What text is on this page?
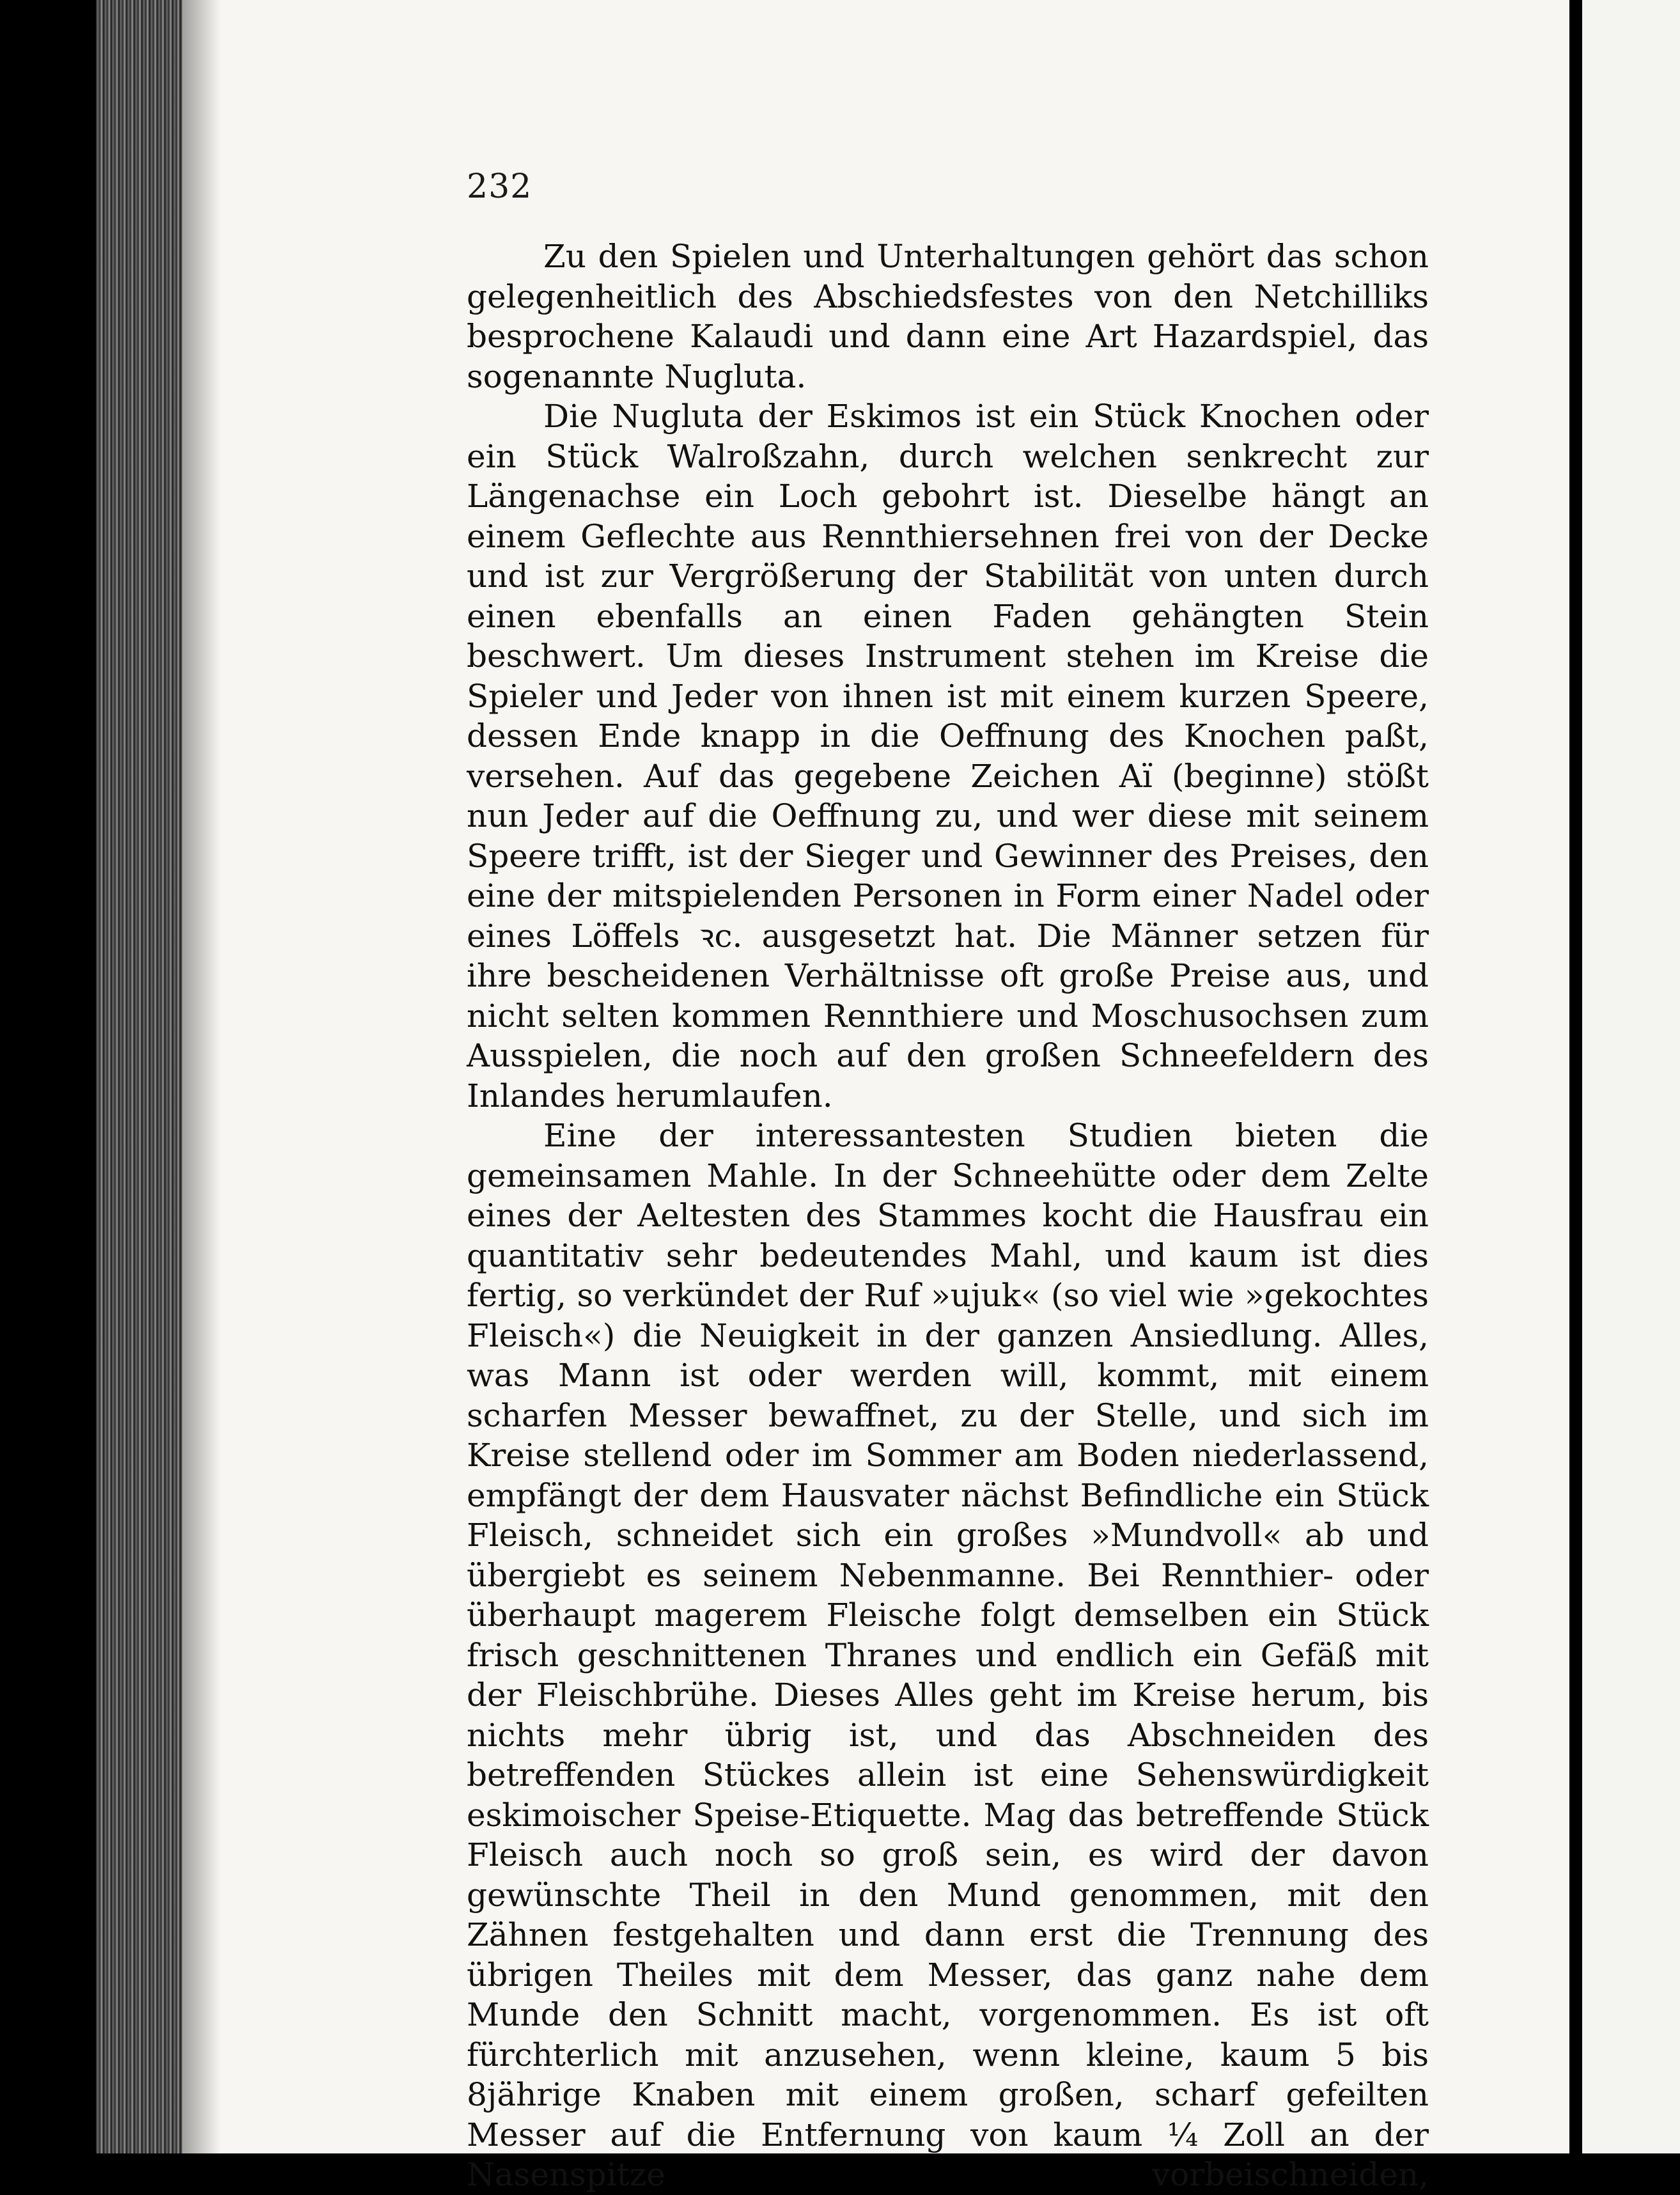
232

Zu den Spielen und Unterhaltungen gehört das schon gelegenheitlich des Abschiedsfestes von den Netchilliks besprochene Kalaudi und dann eine Art Hazardspiel, das sogenannte Nugluta.

Die Nugluta der Eskimos ist ein Stück Knochen oder ein Stück Walroßzahn, durch welchen senkrecht zur Längenachse ein Loch gebohrt ist. Dieselbe hängt an einem Geflechte aus Rennthiersehnen frei von der Decke und ist zur Vergrößerung der Stabilität von unten durch einen ebenfalls an einen Faden gehängten Stein beschwert. Um dieses Instrument stehen im Kreise die Spieler und Jeder von ihnen ist mit einem kurzen Speere, dessen Ende knapp in die Oeffnung des Knochen paßt, versehen. Auf das gegebene Zeichen Aï (beginne) stößt nun Jeder auf die Oeffnung zu, und wer diese mit seinem Speere trifft, ist der Sieger und Gewinner des Preises, den eine der mitspielenden Personen in Form einer Nadel oder eines Löffels ꝛc. ausgesetzt hat. Die Männer setzen für ihre bescheidenen Verhältnisse oft große Preise aus, und nicht selten kommen Rennthiere und Moschusochsen zum Ausspielen, die noch auf den großen Schneefeldern des Inlandes herumlaufen.

Eine der interessantesten Studien bieten die gemeinsamen Mahle. In der Schneehütte oder dem Zelte eines der Aeltesten des Stammes kocht die Hausfrau ein quantitativ sehr bedeutendes Mahl, und kaum ist dies fertig, so verkündet der Ruf »ujuk« (so viel wie »gekochtes Fleisch«) die Neuigkeit in der ganzen Ansiedlung. Alles, was Mann ist oder werden will, kommt, mit einem scharfen Messer bewaffnet, zu der Stelle, und sich im Kreise stellend oder im Sommer am Boden niederlassend, empfängt der dem Hausvater nächst Befindliche ein Stück Fleisch, schneidet sich ein großes »Mundvoll« ab und übergiebt es seinem Nebenmanne. Bei Rennthier- oder überhaupt magerem Fleische folgt demselben ein Stück frisch geschnittenen Thranes und endlich ein Gefäß mit der Fleischbrühe. Dieses Alles geht im Kreise herum, bis nichts mehr übrig ist, und das Abschneiden des betreffenden Stückes allein ist eine Sehenswürdigkeit eskimoischer Speise-Etiquette. Mag das betreffende Stück Fleisch auch noch so groß sein, es wird der davon gewünschte Theil in den Mund genommen, mit den Zähnen festgehalten und dann erst die Trennung des übrigen Theiles mit dem Messer, das ganz nahe dem Munde den Schnitt macht, vorgenommen. Es ist oft fürchterlich mit anzusehen, wenn kleine, kaum 5 bis 8jährige Knaben mit einem großen, scharf gefeilten Messer auf die Entfernung von kaum ¼ Zoll an der Nasenspitze vorbeischneiden,
